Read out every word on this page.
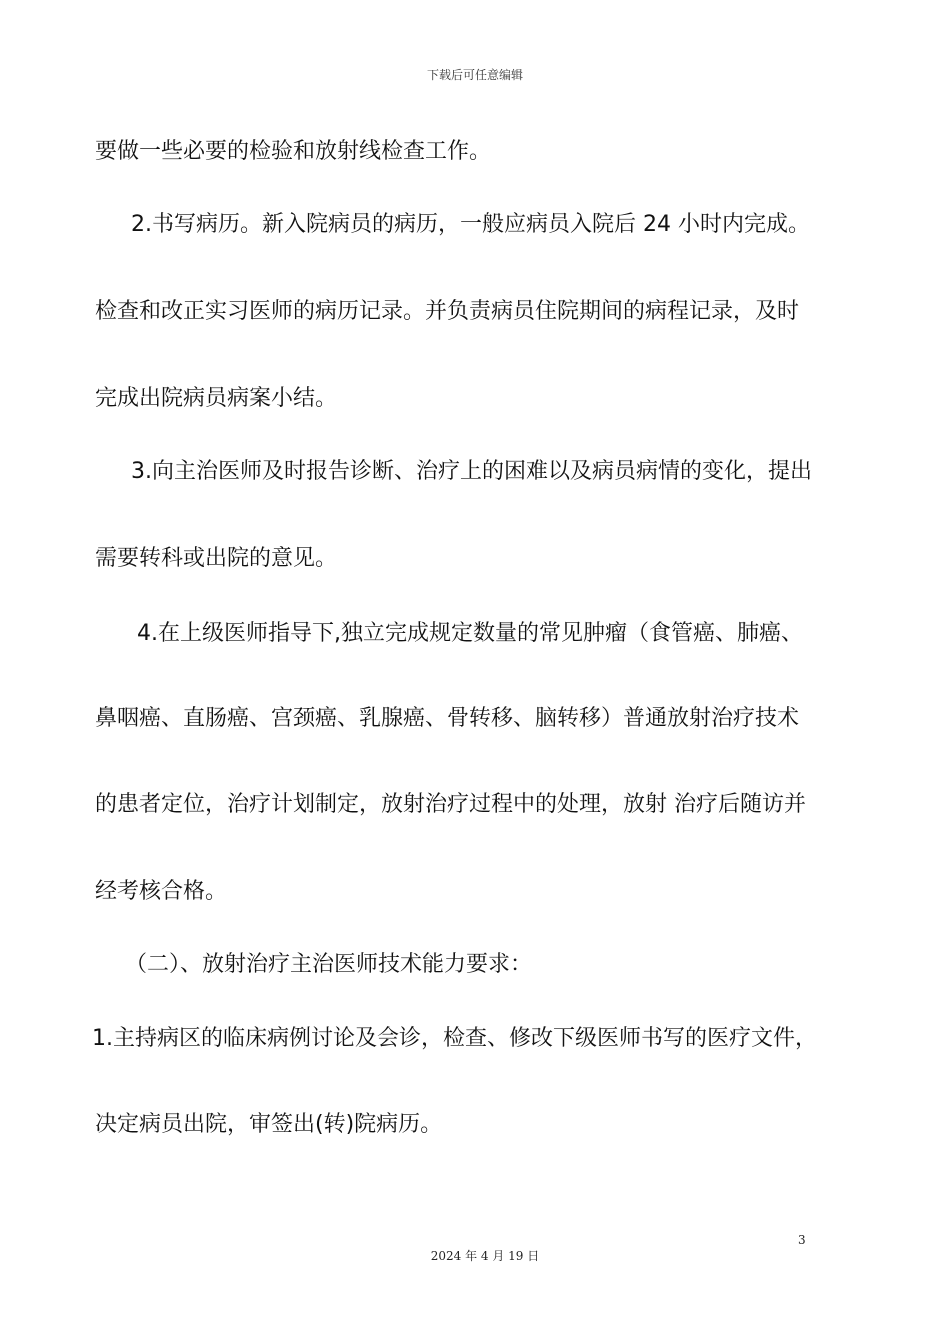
下载后可任意编辑
要做一些必要的检验和放射线检查工作。
2.书写病历。新入院病员的病历，一般应病员入院后 24 小时内完成。
检查和改正实习医师的病历记录。并负责病员住院期间的病程记录，及时
完成出院病员病案小结。
3.向主治医师及时报告诊断、治疗上的困难以及病员病情的变化，提出
需要转科或出院的意见。
4.在上级医师指导下,独立完成规定数量的常见肿瘤（食管癌、肺癌、
鼻咽癌、直肠癌、宫颈癌、乳腺癌、骨转移、脑转移）普通放射治疗技术
的患者定位，治疗计划制定，放射治疗过程中的处理，放射 治疗后随访并
经考核合格。
（二）、放射治疗主治医师技术能力要求：
1.主持病区的临床病例讨论及会诊，检查、修改下级医师书写的医疗文件，
决定病员出院，审签出(转)院病历。
3
2024 年 4 月 19 日
